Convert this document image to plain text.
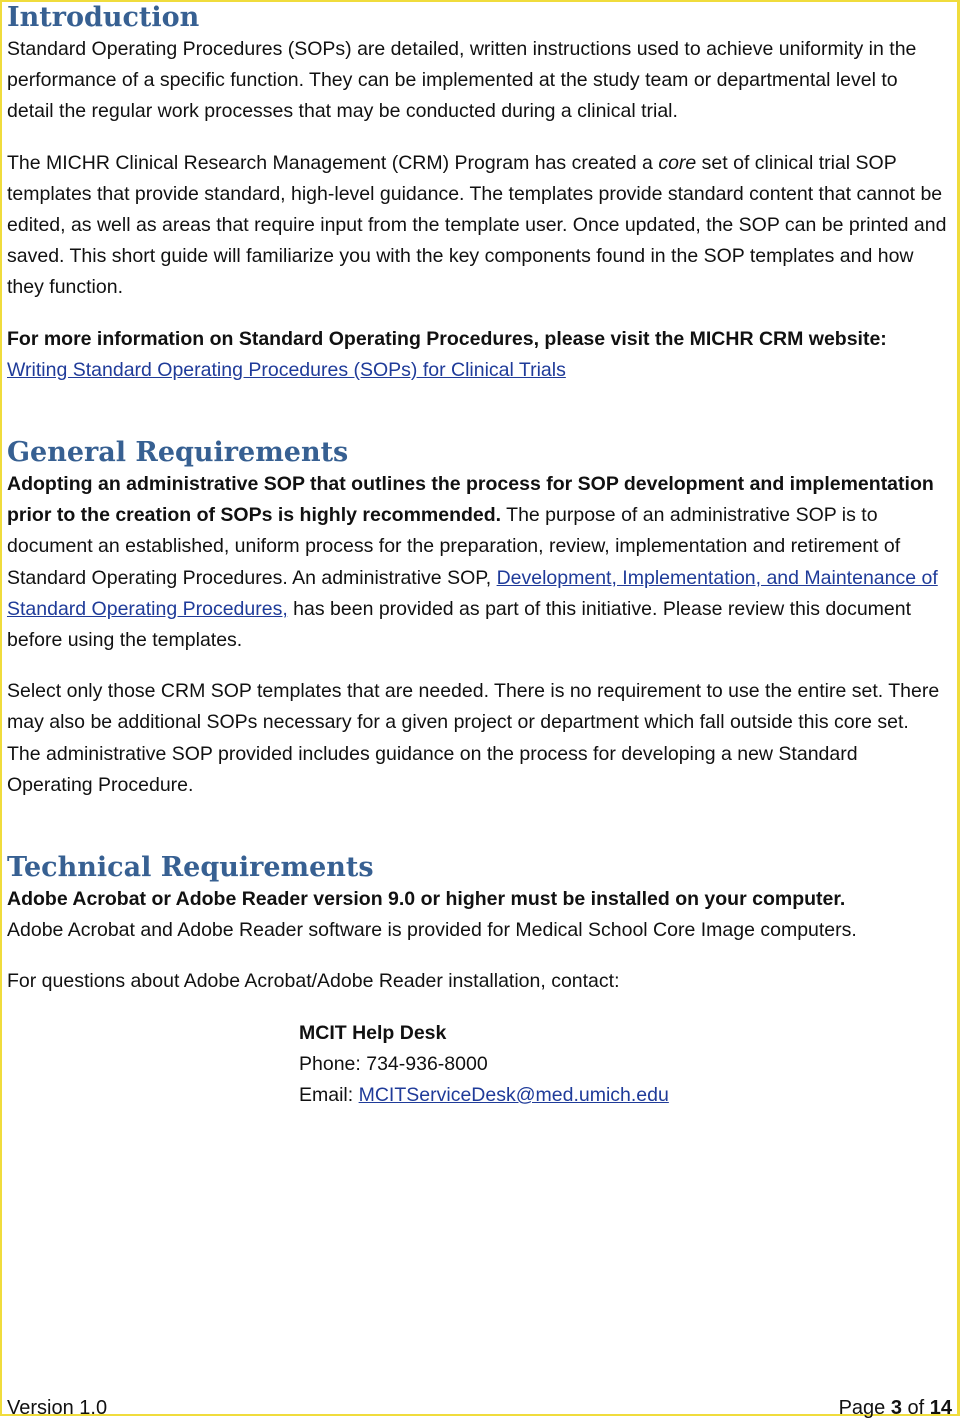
Introduction

Standard Operating Procedures (SOPs) are detailed, written instructions used to achieve uniformity in the performance of a specific function. They can be implemented at the study team or departmental level to detail the regular work processes that may be conducted during a clinical trial.

The MICHR Clinical Research Management (CRM) Program has created a core set of clinical trial SOP templates that provide standard, high-level guidance. The templates provide standard content that cannot be edited, as well as areas that require input from the template user. Once updated, the SOP can be printed and saved. This short guide will familiarize you with the key components found in the SOP templates and how they function.

For more information on Standard Operating Procedures, please visit the MICHR CRM website:

Writing Standard Operating Procedures (SOPs) for Clinical Trials

General Requirements

Adopting an administrative SOP that outlines the process for SOP development and implementation prior to the creation of SOPs is highly recommended. The purpose of an administrative SOP is to document an established, uniform process for the preparation, review, implementation and retirement of Standard Operating Procedures. An administrative SOP, Development, Implementation, and Maintenance of Standard Operating Procedures, has been provided as part of this initiative. Please review this document before using the templates.

Select only those CRM SOP templates that are needed. There is no requirement to use the entire set. There may also be additional SOPs necessary for a given project or department which fall outside this core set. The administrative SOP provided includes guidance on the process for developing a new Standard Operating Procedure.

Technical Requirements

Adobe Acrobat or Adobe Reader version 9.0 or higher must be installed on your computer.

Adobe Acrobat and Adobe Reader software is provided for Medical School Core Image computers.

For questions about Adobe Acrobat/Adobe Reader installation, contact:

MCIT Help Desk

Phone: 734-936-8000

Email: MCITServiceDesk@med.umich.edu

Version 1.0	Page 3 of 14
